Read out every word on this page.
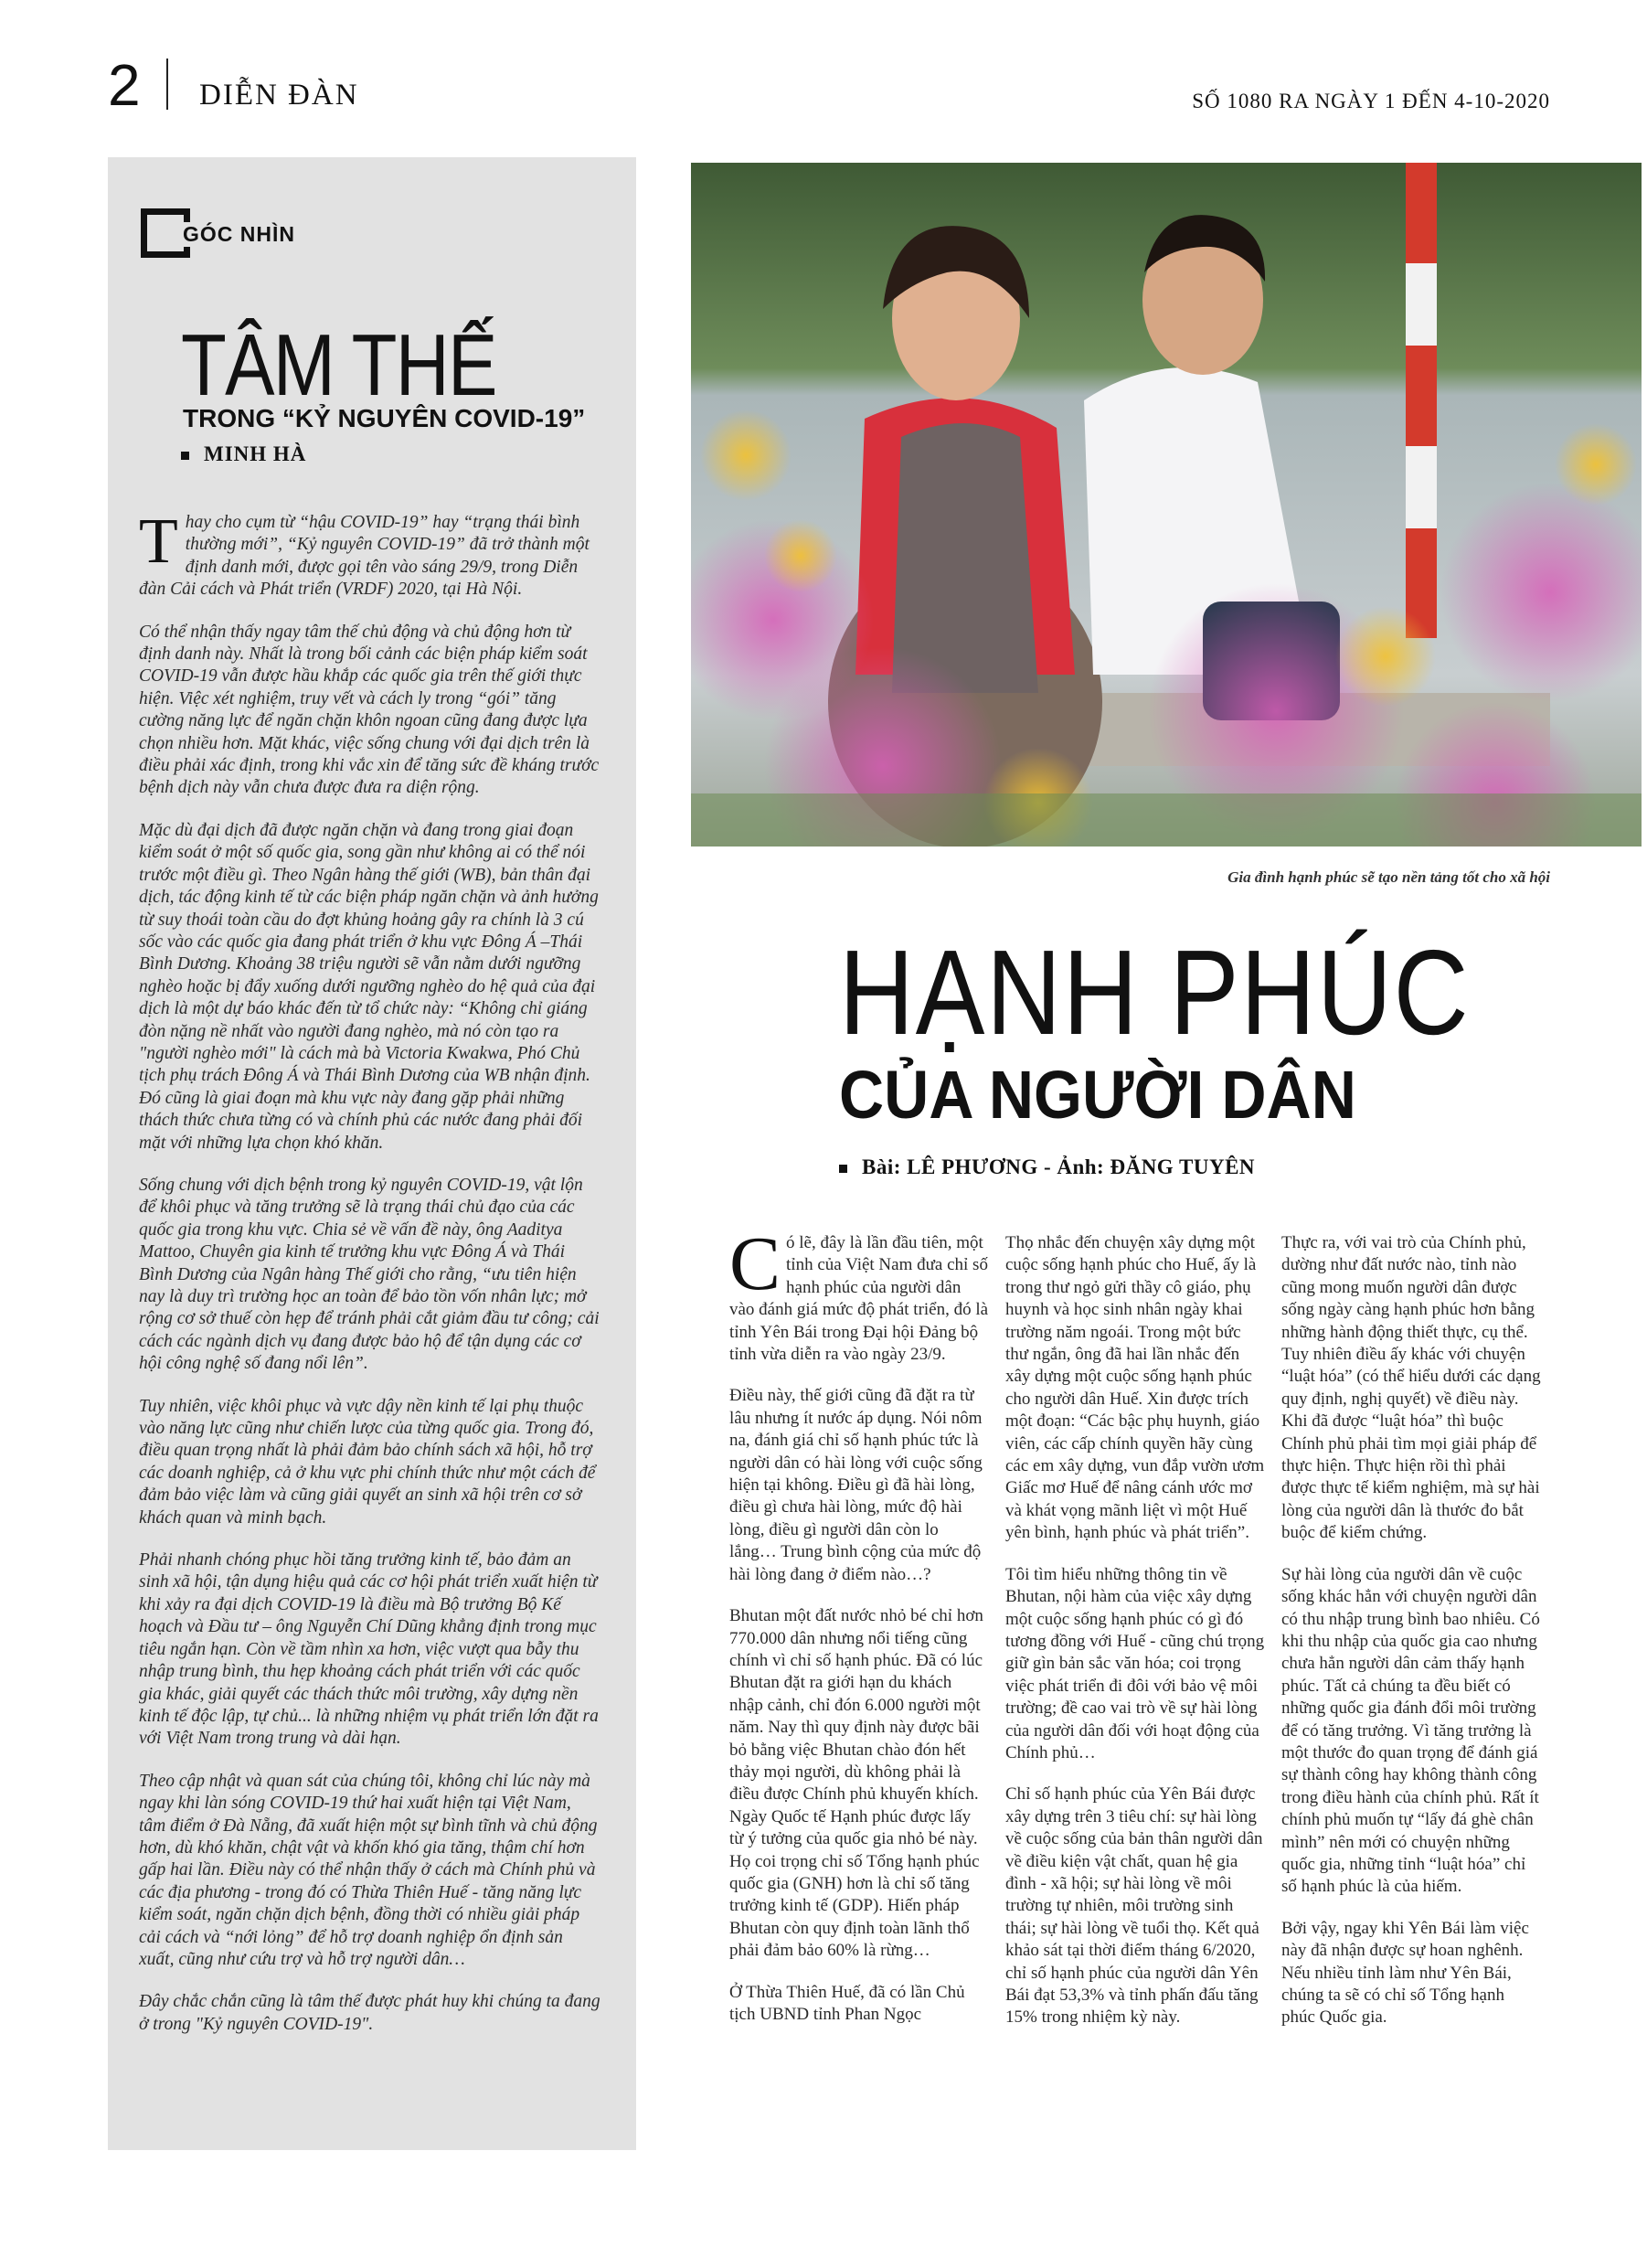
2 DIỄN ĐÀN	SỐ 1080 RA NGÀY 1 ĐẾN 4-10-2020
GÓC NHÌN
TÂM THẾ
TRONG “KỶ NGUYÊN COVID-19”
MINH HÀ

Thay cho cụm từ “hậu COVID-19” hay “trạng thái bình thường mới”, “Kỷ nguyên COVID-19” đã trở thành một định danh mới, được gọi tên vào sáng 29/9, trong Diễn đàn Cải cách và Phát triển (VRDF) 2020, tại Hà Nội.

Có thể nhận thấy ngay tâm thế chủ động và chủ động hơn từ định danh này. Nhất là trong bối cảnh các biện pháp kiểm soát COVID-19 vẫn được hầu khắp các quốc gia trên thế giới thực hiện. Việc xét nghiệm, truy vết và cách ly trong “gói” tăng cường năng lực để ngăn chặn khôn ngoan cũng đang được lựa chọn nhiều hơn. Mặt khác, việc sống chung với đại dịch trên là điều phải xác định, trong khi vắc xin để tăng sức đề kháng trước bệnh dịch này vẫn chưa được đưa ra diện rộng.

Mặc dù đại dịch đã được ngăn chặn và đang trong giai đoạn kiểm soát ở một số quốc gia, song gần như không ai có thể nói trước một điều gì. Theo Ngân hàng thế giới (WB), bản thân đại dịch, tác động kinh tế từ các biện pháp ngăn chặn và ảnh hưởng từ suy thoái toàn cầu do đợt khủng hoảng gây ra chính là 3 cú sốc vào các quốc gia đang phát triển ở khu vực Đông Á –Thái Bình Dương. Khoảng 38 triệu người sẽ vẫn nằm dưới ngưỡng nghèo hoặc bị đẩy xuống dưới ngưỡng nghèo do hệ quả của đại dịch là một dự báo khác đến từ tổ chức này: “Không chỉ giáng đòn nặng nề nhất vào người đang nghèo, mà nó còn tạo ra "người nghèo mới" là cách mà bà Victoria Kwakwa, Phó Chủ tịch phụ trách Đông Á và Thái Bình Dương của WB nhận định. Đó cũng là giai đoạn mà khu vực này đang gặp phải những thách thức chưa từng có và chính phủ các nước đang phải đối mặt với những lựa chọn khó khăn.

Sống chung với dịch bệnh trong kỷ nguyên COVID-19, vật lộn để khôi phục và tăng trưởng sẽ là trạng thái chủ đạo của các quốc gia trong khu vực. Chia sẻ về vấn đề này, ông Aaditya Mattoo, Chuyên gia kinh tế trưởng khu vực Đông Á và Thái Bình Dương của Ngân hàng Thế giới cho rằng, “ưu tiên hiện nay là duy trì trường học an toàn để bảo tồn vốn nhân lực; mở rộng cơ sở thuế còn hẹp để tránh phải cắt giảm đầu tư công; cải cách các ngành dịch vụ đang được bảo hộ để tận dụng các cơ hội công nghệ số đang nổi lên”.

Tuy nhiên, việc khôi phục và vực dậy nền kinh tế lại phụ thuộc vào năng lực cũng như chiến lược của từng quốc gia. Trong đó, điều quan trọng nhất là phải đảm bảo chính sách xã hội, hỗ trợ các doanh nghiệp, cả ở khu vực phi chính thức như một cách để đảm bảo việc làm và cũng giải quyết an sinh xã hội trên cơ sở khách quan và minh bạch.

Phải nhanh chóng phục hồi tăng trưởng kinh tế, bảo đảm an sinh xã hội, tận dụng hiệu quả các cơ hội phát triển xuất hiện từ khi xảy ra đại dịch COVID-19 là điều mà Bộ trưởng Bộ Kế hoạch và Đầu tư – ông Nguyễn Chí Dũng khẳng định trong mục tiêu ngắn hạn. Còn về tầm nhìn xa hơn, việc vượt qua bẫy thu nhập trung bình, thu hẹp khoảng cách phát triển với các quốc gia khác, giải quyết các thách thức môi trường, xây dựng nền kinh tế độc lập, tự chủ... là những nhiệm vụ phát triển lớn đặt ra với Việt Nam trong trung và dài hạn.

Theo cập nhật và quan sát của chúng tôi, không chỉ lúc này mà ngay khi làn sóng COVID-19 thứ hai xuất hiện tại Việt Nam, tâm điểm ở Đà Nẵng, đã xuất hiện một sự bình tĩnh và chủ động hơn, dù khó khăn, chật vật và khốn khó gia tăng, thậm chí hơn gấp hai lần. Điều này có thể nhận thấy ở cách mà Chính phủ và các địa phương - trong đó có Thừa Thiên Huế - tăng năng lực kiểm soát, ngăn chặn dịch bệnh, đồng thời có nhiều giải pháp cải cách và “nới lỏng” để hỗ trợ doanh nghiệp ổn định sản xuất, cũng như cứu trợ và hỗ trợ người dân…

Đây chắc chắn cũng là tâm thế được phát huy khi chúng ta đang ở trong "Kỷ nguyên COVID-19".

Gia đình hạnh phúc sẽ tạo nền tảng tốt cho xã hội
HẠNH PHÚC
CỦA NGƯỜI DÂN
Bài: LÊ PHƯƠNG - Ảnh: ĐĂNG TUYÊN

Có lẽ, đây là lần đầu tiên, một tỉnh của Việt Nam đưa chỉ số hạnh phúc của người dân vào đánh giá mức độ phát triển, đó là tỉnh Yên Bái trong Đại hội Đảng bộ tỉnh vừa diễn ra vào ngày 23/9.

Điều này, thế giới cũng đã đặt ra từ lâu nhưng ít nước áp dụng. Nói nôm na, đánh giá chỉ số hạnh phúc tức là người dân có hài lòng với cuộc sống hiện tại không. Điều gì đã hài lòng, điều gì chưa hài lòng, mức độ hài lòng, điều gì người dân còn lo lắng… Trung bình cộng của mức độ hài lòng đang ở điểm nào…?

Bhutan một đất nước nhỏ bé chỉ hơn 770.000 dân nhưng nổi tiếng cũng chính vì chỉ số hạnh phúc. Đã có lúc Bhutan đặt ra giới hạn du khách nhập cảnh, chỉ đón 6.000 người một năm. Nay thì quy định này được bãi bỏ bằng việc Bhutan chào đón hết thảy mọi người, dù không phải là điều được Chính phủ khuyến khích. Ngày Quốc tế Hạnh phúc được lấy từ ý tưởng của quốc gia nhỏ bé này. Họ coi trọng chỉ số Tổng hạnh phúc quốc gia (GNH) hơn là chỉ số tăng trưởng kinh tế (GDP). Hiến pháp Bhutan còn quy định toàn lãnh thổ phải đảm bảo 60% là rừng…

Ở Thừa Thiên Huế, đã có lần Chủ tịch UBND tỉnh Phan Ngọc

Thọ nhắc đến chuyện xây dựng một cuộc sống hạnh phúc cho Huế, ấy là trong thư ngỏ gửi thầy cô giáo, phụ huynh và học sinh nhân ngày khai trường năm ngoái. Trong một bức thư ngắn, ông đã hai lần nhắc đến xây dựng một cuộc sống hạnh phúc cho người dân Huế. Xin được trích một đoạn: “Các bậc phụ huynh, giáo viên, các cấp chính quyền hãy cùng các em xây dựng, vun đắp vườn ươm Giấc mơ Huế để nâng cánh ước mơ và khát vọng mãnh liệt vì một Huế yên bình, hạnh phúc và phát triển”.

Tôi tìm hiểu những thông tin về Bhutan, nội hàm của việc xây dựng một cuộc sống hạnh phúc có gì đó tương đồng với Huế - cũng chú trọng giữ gìn bản sắc văn hóa; coi trọng việc phát triển đi đôi với bảo vệ môi trường; đề cao vai trò về sự hài lòng của người dân đối với hoạt động của Chính phủ…

Chỉ số hạnh phúc của Yên Bái được xây dựng trên 3 tiêu chí: sự hài lòng về cuộc sống của bản thân người dân về điều kiện vật chất, quan hệ gia đình - xã hội; sự hài lòng về môi trường tự nhiên, môi trường sinh thái; sự hài lòng về tuổi thọ. Kết quả khảo sát tại thời điểm tháng 6/2020, chỉ số hạnh phúc của người dân Yên Bái đạt 53,3% và tỉnh phấn đấu tăng 15% trong nhiệm kỳ này.

Thực ra, với vai trò của Chính phủ, dường như đất nước nào, tỉnh nào cũng mong muốn người dân được sống ngày càng hạnh phúc hơn bằng những hành động thiết thực, cụ thể. Tuy nhiên điều ấy khác với chuyện “luật hóa” (có thể hiểu dưới các dạng quy định, nghị quyết) về điều này. Khi đã được “luật hóa” thì buộc Chính phủ phải tìm mọi giải pháp để thực hiện. Thực hiện rồi thì phải được thực tế kiểm nghiệm, mà sự hài lòng của người dân là thước đo bắt buộc để kiểm chứng.

Sự hài lòng của người dân về cuộc sống khác hẳn với chuyện người dân có thu nhập trung bình bao nhiêu. Có khi thu nhập của quốc gia cao nhưng chưa hẳn người dân cảm thấy hạnh phúc. Tất cả chúng ta đều biết có những quốc gia đánh đổi môi trường để có tăng trưởng. Vì tăng trưởng là một thước đo quan trọng để đánh giá sự thành công hay không thành công trong điều hành của chính phủ. Rất ít chính phủ muốn tự “lấy đá ghè chân mình” nên mới có chuyện những quốc gia, những tỉnh “luật hóa” chỉ số hạnh phúc là của hiếm.

Bởi vậy, ngay khi Yên Bái làm việc này đã nhận được sự hoan nghênh. Nếu nhiều tỉnh làm như Yên Bái, chúng ta sẽ có chỉ số Tổng hạnh phúc Quốc gia.
